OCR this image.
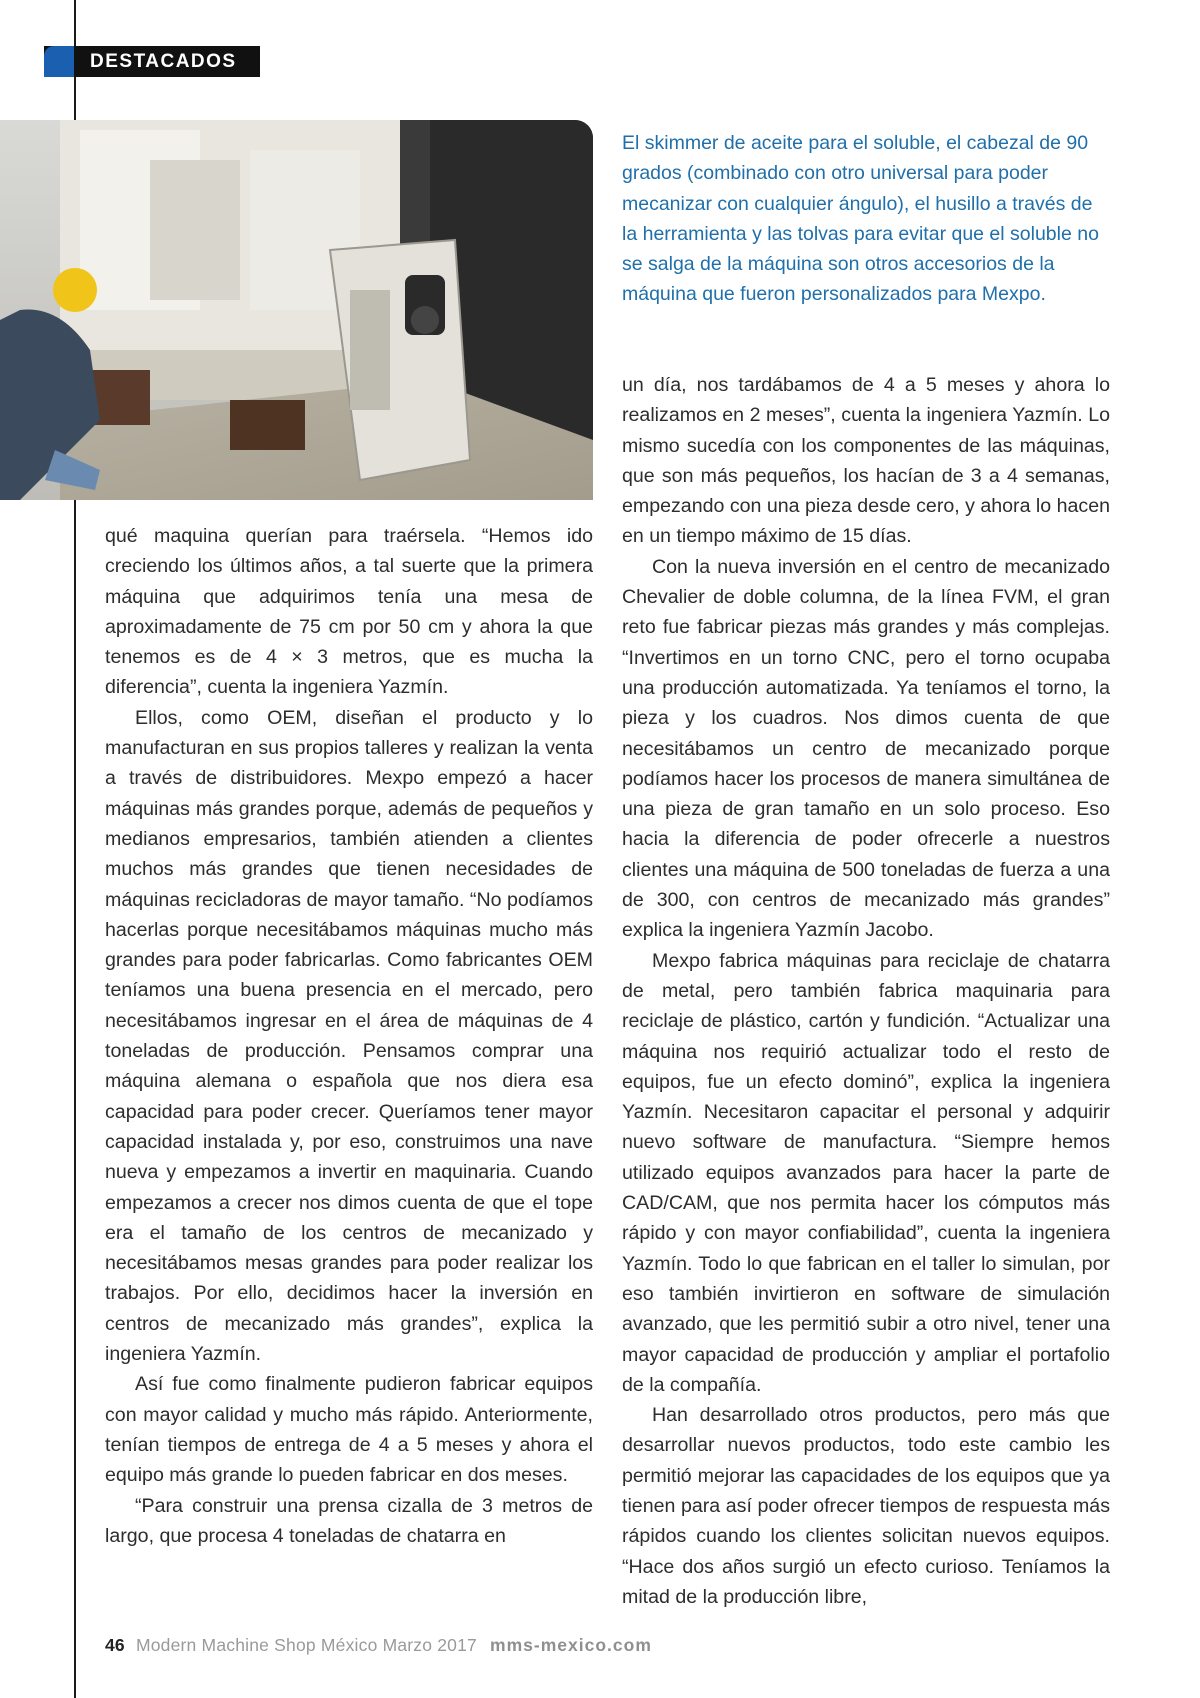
DESTACADOS
El skimmer de aceite para el soluble, el cabezal de 90 grados (combinado con otro universal para poder mecanizar con cualquier ángulo), el husillo a través de la herramienta y las tolvas para evitar que el soluble no se salga de la máquina son otros accesorios de la máquina que fueron personalizados para Mexpo.

qué maquina querían para traérsela. “Hemos ido creciendo los últimos años, a tal suerte que la primera máquina que adquirimos tenía una mesa de aproximadamente de 75 cm por 50 cm y ahora la que tenemos es de 4 × 3 metros, que es mucha la diferencia”, cuenta la ingeniera Yazmín.

Ellos, como OEM, diseñan el producto y lo manufacturan en sus propios talleres y realizan la venta a través de distribuidores. Mexpo empezó a hacer máquinas más grandes porque, además de pequeños y medianos empresarios, también atienden a clientes muchos más grandes que tienen necesidades de máquinas recicladoras de mayor tamaño. “No podíamos hacerlas porque necesitábamos máquinas mucho más grandes para poder fabricarlas. Como fabricantes OEM teníamos una buena presencia en el mercado, pero necesitábamos ingresar en el área de máquinas de 4 toneladas de producción. Pensamos comprar una máquina alemana o española que nos diera esa capacidad para poder crecer. Queríamos tener mayor capacidad instalada y, por eso, construimos una nave nueva y empezamos a invertir en maquinaria. Cuando empezamos a crecer nos dimos cuenta de que el tope era el tamaño de los centros de mecanizado y necesitábamos mesas grandes para poder realizar los trabajos. Por ello, decidimos hacer la inversión en centros de mecanizado más grandes”, explica la ingeniera Yazmín.

Así fue como finalmente pudieron fabricar equipos con mayor calidad y mucho más rápido. Anteriormente, tenían tiempos de entrega de 4 a 5 meses y ahora el equipo más grande lo pueden fabricar en dos meses.

“Para construir una prensa cizalla de 3 metros de largo, que procesa 4 toneladas de chatarra en

un día, nos tardábamos de 4 a 5 meses y ahora lo realizamos en 2 meses”, cuenta la ingeniera Yazmín. Lo mismo sucedía con los componentes de las máquinas, que son más pequeños, los hacían de 3 a 4 semanas, empezando con una pieza desde cero, y ahora lo hacen en un tiempo máximo de 15 días.

Con la nueva inversión en el centro de mecanizado Chevalier de doble columna, de la línea FVM, el gran reto fue fabricar piezas más grandes y más complejas. “Invertimos en un torno CNC, pero el torno ocupaba una producción automatizada. Ya teníamos el torno, la pieza y los cuadros. Nos dimos cuenta de que necesitábamos un centro de mecanizado porque podíamos hacer los procesos de manera simultánea de una pieza de gran tamaño en un solo proceso. Eso hacia la diferencia de poder ofrecerle a nuestros clientes una máquina de 500 toneladas de fuerza a una de 300, con centros de mecanizado más grandes” explica la ingeniera Yazmín Jacobo.

Mexpo fabrica máquinas para reciclaje de chatarra de metal, pero también fabrica maquinaria para reciclaje de plástico, cartón y fundición. “Actualizar una máquina nos requirió actualizar todo el resto de equipos, fue un efecto dominó”, explica la ingeniera Yazmín. Necesitaron capacitar el personal y adquirir nuevo software de manufactura. “Siempre hemos utilizado equipos avanzados para hacer la parte de CAD/CAM, que nos permita hacer los cómputos más rápido y con mayor confiabilidad”, cuenta la ingeniera Yazmín. Todo lo que fabrican en el taller lo simulan, por eso también invirtieron en software de simulación avanzado, que les permitió subir a otro nivel, tener una mayor capacidad de producción y ampliar el portafolio de la compañía.

Han desarrollado otros productos, pero más que desarrollar nuevos productos, todo este cambio les permitió mejorar las capacidades de los equipos que ya tienen para así poder ofrecer tiempos de respuesta más rápidos cuando los clientes solicitan nuevos equipos. “Hace dos años surgió un efecto curioso. Teníamos la mitad de la producción libre,

46 Modern Machine Shop México Marzo 2017 mms-mexico.com
